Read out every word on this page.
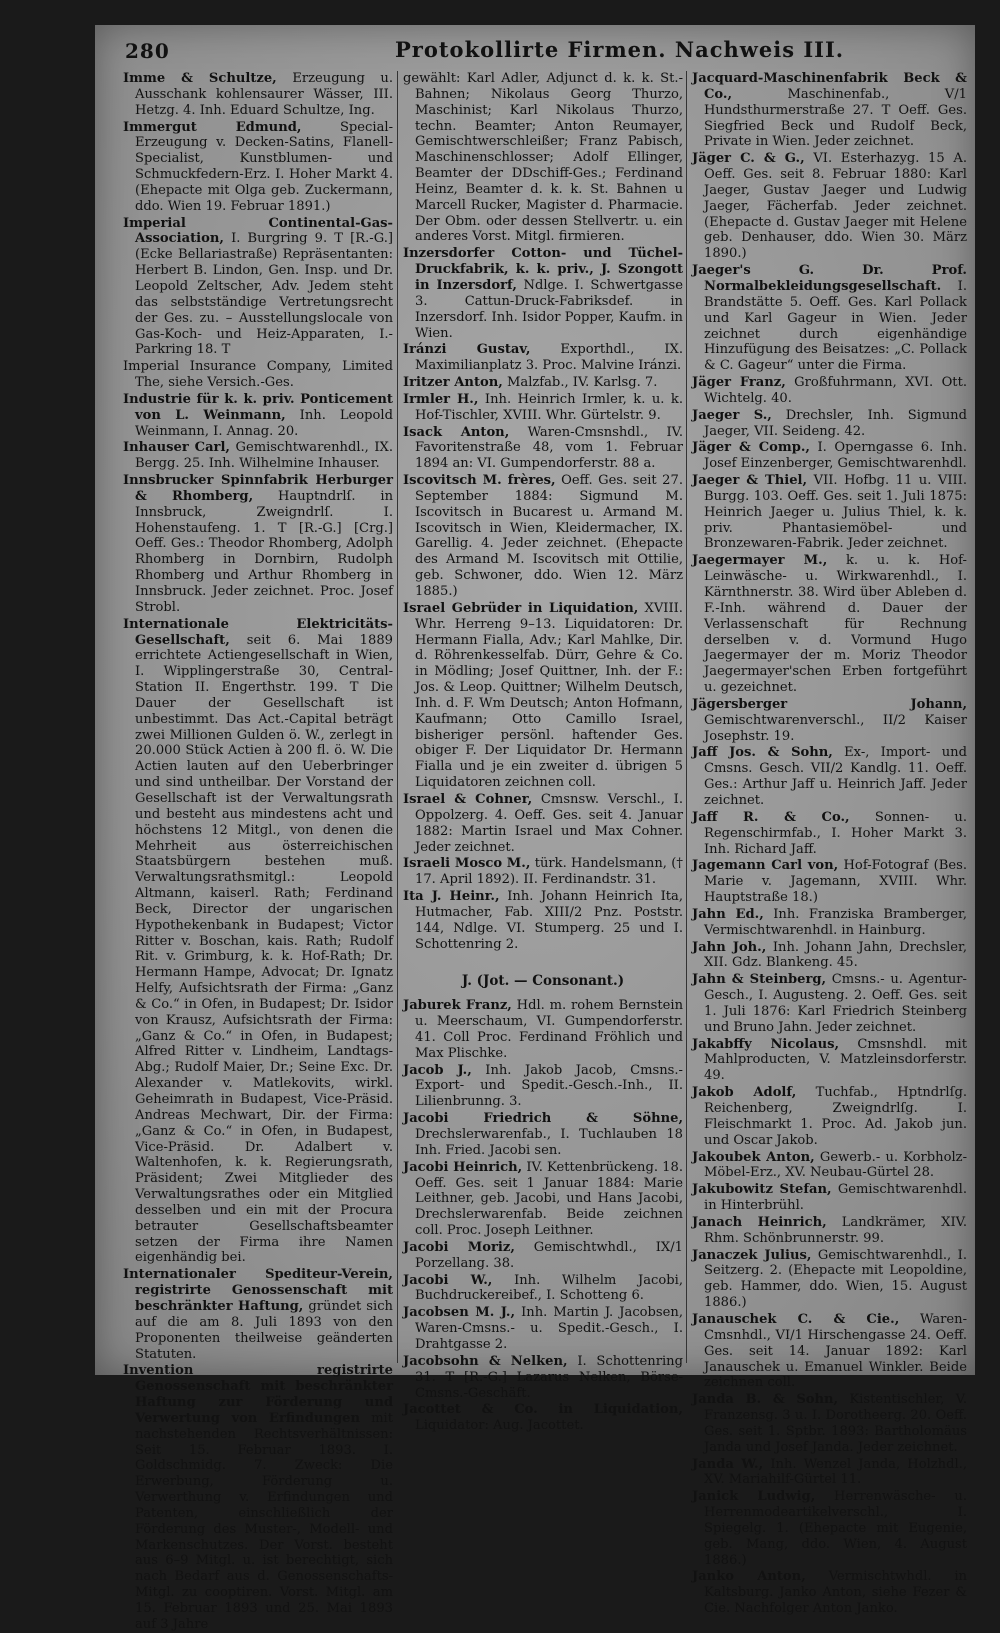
280	Protokollirte Firmen. Nachweis III.
Imme & Schultze, Erzeugung u. Ausschank kohlensaurer Wässer, III. Hetzg. 4. Inh. Eduard Schultze, Ing.
Immergut Edmund,	Special-Erzeugung v. Decken-Satins, Flanell-Specialist, Kunstblumen- und Schmuckfedern-Erz. I. Hoher Markt 4. (Ehepacte mit Olga geb. Zuckermann, ddo. Wien 19. Februar 1891.)
Imperial Continental-Gas-Association, I. Burgring 9. T [R.-G.] (Ecke Bellariastraße) Repräsentanten: Herbert B. Lindon, Gen. Insp. und Dr. Leopold Zeltscher, Adv. Jedem steht das selbstständige Vertretungsrecht der Ges. zu. – Ausstellungslocale von Gas-Koch- und Heiz-Apparaten, I.- Parkring 18. T
Imperial Insurance Company, Limited The, siehe Versich.-Ges.
Industrie für k. k. priv. Ponticement von L. Weinmann, Inh. Leopold Weinmann, I. Annag. 20.
Inhauser Carl, Gemischtwarenhdl., IX. Bergg. 25. Inh. Wilhelmine Inhauser.
Innsbrucker Spinnfabrik Herburger & Rhomberg, Hauptndrlſ. in Innsbruck, Zweigndrlſ. I. Hohenstaufeng. 1. T [R.-G.] [Crg.] Oeff. Ges.: Theodor Rhomberg, Adolph Rhomberg in Dornbirn, Rudolph Rhomberg und Arthur Rhomberg in Innsbruck. Jeder zeichnet. Proc. Josef Strobl.
Internationale Elektricitäts-Gesellschaft, seit 6. Mai 1889 errichtete Actiengesellschaft in Wien, I. Wipplingerstraße 30, Central-Station II. Engerthstr. 199. T Die Dauer der Gesellschaft ist unbestimmt. Das Act.-Capital beträgt zwei Millionen Gulden ö. W., zerlegt in 20.000 Stück Actien à 200 fl. ö. W. Die Actien lauten auf den Ueberbringer und sind untheilbar. Der Vorstand der Gesellschaft ist der Verwaltungsrath und besteht aus mindestens acht und höchstens 12 Mitgl., von denen die Mehrheit aus österreichischen Staatsbürgern bestehen muß. Verwaltungsrathsmitgl.: Leopold Altmann, kaiserl. Rath; Ferdinand Beck, Director der ungarischen Hypothekenbank in Budapest; Victor Ritter v. Boschan, kais. Rath; Rudolf Rit. v. Grimburg, k. k. Hof-Rath; Dr. Hermann Hampe, Advocat; Dr. Ignatz Helfy, Aufsichtsrath der Firma: „Ganz & Co.“ in Ofen, in Budapest; Dr. Isidor von Krausz, Aufsichtsrath der Firma: „Ganz & Co.“ in Ofen, in Budapest; Alfred Ritter v. Lindheim, Landtags-Abg.; Rudolf Maier, Dr.; Seine Exc. Dr. Alexander v. Matlekovits, wirkl. Geheimrath in Budapest, Vice-Präsid. Andreas Mechwart, Dir. der Firma: „Ganz & Co.“ in Ofen, in Budapest, Vice-Präsid. Dr. Adalbert v. Waltenhofen, k. k. Regierungsrath, Präsident; Zwei Mitglieder des Verwaltungsrathes oder ein Mitglied desselben und ein mit der Procura betrauter Gesellschaftsbeamter setzen der Firma ihre Namen eigenhändig bei.
Internationaler Spediteur-Verein, registrirte Genossenschaft mit beschränkter Haftung, gründet sich auf die am 8. Juli 1893 von den Proponenten theilweise geänderten Statuten.
Invention registrirte Genossenschaft mit beschränkter Haftung zur Förderung und Verwertung von Erfindungen mit nachstehenden Rechtsverhältnissen: Seit 15. Februar 1893. I. Goldschmidg. 7. Zweck: Die Erwerbung, Förderung u. Verwerthung v. Erfindungen und Patenten, einschließlich der Förderung des Muster-, Modell- und Markenschutzes. Der Vorst. besteht aus 6–9 Mitgl. u. ist berechtigt, sich nach Bedarf aus d. Genossenschafts-Mitgl. zu cooptiren. Vorst. Mitgl. am 15. Februar 1893 und 25. Mai 1893 auf 3 Jahre
gewählt: Karl Adler, Adjunct d. k. k. St.-Bahnen; Nikolaus Georg Thurzo, Maschinist; Karl Nikolaus Thurzo, techn. Beamter; Anton Reumayer, Gemischtwerschleißer; Franz Pabisch, Maschinenschlosser; Adolf Ellinger, Beamter der DDschiff-Ges.; Ferdinand Heinz, Beamter d. k. k. St. Bahnen u Marcell Rucker, Magister d. Pharmacie. Der Obm. oder dessen Stellvertr. u. ein anderes Vorst. Mitgl. firmieren.
Inzersdorfer Cotton- und Tüchel-Druckfabrik, k. k. priv., J. Szongott in Inzersdorf, Ndlge. I. Schwertgasse 3. Cattun-Druck-Fabriksdef. in Inzersdorf. Inh. Isidor Popper, Kaufm. in Wien.
Iránzi Gustav, Exporthdl., IX. Maximilianplatz 3. Proc. Malvine Iránzi.
Iritzer Anton, Malzfab., IV. Karlsg. 7.
Irmler H., Inh. Heinrich Irmler, k. u. k. Hof-Tischler, XVIII. Whr. Gürtelstr. 9.
Isack Anton, Waren-Cmsnshdl., IV. Favoritenstraße 48, vom 1. Februar 1894 an: VI. Gumpendorferstr. 88 a.
Iscovitsch M. frères, Oeff. Ges. seit 27. September 1884: Sigmund M. Iscovitsch in Bucarest u. Armand M. Iscovitsch in Wien, Kleidermacher, IX. Garellig. 4. Jeder zeichnet. (Ehepacte des Armand M. Iscovitsch mit Ottilie, geb. Schwoner, ddo. Wien 12. März 1885.)
Israel Gebrüder in Liquidation, XVIII. Whr. Herreng 9–13. Liquidatoren: Dr. Hermann Fialla, Adv.; Karl Mahlke, Dir. d. Röhrenkesselfab. Dürr, Gehre & Co. in Mödling; Josef Quittner, Inh. der F.: Jos. & Leop. Quittner; Wilhelm Deutsch, Inh. d. F. Wm Deutsch; Anton Hofmann, Kaufmann; Otto Camillo Israel, bisheriger persönl. haftender Ges. obiger F. Der Liquidator Dr. Hermann Fialla und je ein zweiter d. übrigen 5 Liquidatoren zeichnen coll.
Israel & Cohner, Cmsnsw. Verschl., I. Oppolzerg. 4. Oeff. Ges. seit 4. Januar 1882: Martin Israel und Max Cohner. Jeder zeichnet.
Israeli Mosco M., türk. Handelsmann, († 17. April 1892). II. Ferdinandstr. 31.
Ita J. Heinr., Inh. Johann Heinrich Ita, Hutmacher, Fab. XIII/2 Pnz. Poststr. 144, Ndlge. VI. Stumperg. 25 und I. Schottenring 2.
J. (Jot. — Consonant.)
Jaburek Franz, Hdl. m. rohem Bernstein u. Meerschaum, VI. Gumpendorferstr. 41. Coll Proc. Ferdinand Fröhlich und Max Plischke.
Jacob J., Inh. Jakob Jacob, Cmsns.-Export- und Spedit.-Gesch.-Inh., II. Lilienbrunng. 3.
Jacobi Friedrich & Söhne, Drechslerwarenfab., I. Tuchlauben 18 Inh. Fried. Jacobi sen.
Jacobi Heinrich, IV. Kettenbrückeng. 18. Oeff. Ges. seit 1 Januar 1884: Marie Leithner, geb. Jacobi, und Hans Jacobi, Drechslerwarenfab. Beide zeichnen coll. Proc. Joseph Leithner.
Jacobi Moriz, Gemischtwhdl., IX/1 Porzellang. 38.
Jacobi W., Inh. Wilhelm Jacobi, Buchdruckereibef., I. Schotteng 6.
Jacobsen M. J., Inh. Martin J. Jacobsen, Waren-Cmsns.- u. Spedit.-Gesch., I. Drahtgasse 2.
Jacobsohn & Nelken, I. Schottenring 31. T [R.-G.] Lazarus Nelken, Börse-Cmsns.-Geschäft.
Jacottet & Co. in Liquidation, Liquidator: Aug. Jacottet.
Jacquard-Maschinenfabrik Beck & Co.,	Maschinenfab., V/1 Hundsthurmerstraße 27. T Oeff. Ges. Siegfried Beck und Rudolf Beck, Private in Wien. Jeder zeichnet.
Jäger C. & G., VI. Esterhazyg. 15 A. Oeff. Ges. seit 8. Februar 1880: Karl Jaeger, Gustav Jaeger und Ludwig Jaeger, Fächerfab. Jeder zeichnet. (Ehepacte d. Gustav Jaeger mit Helene geb. Denhauser, ddo. Wien 30. März 1890.)
Jaeger's G. Dr. Prof. Normalbekleidungsgesellschaft. I. Brandstätte 5. Oeff. Ges. Karl Pollack und Karl Gageur in Wien. Jeder zeichnet durch eigenhändige Hinzufügung des Beisatzes: „C. Pollack & C. Gageur“ unter die Firma.
Jäger Franz, Großfuhrmann, XVI. Ott. Wichtelg. 40.
Jaeger S., Drechsler, Inh. Sigmund Jaeger, VII. Seideng. 42.
Jäger & Comp., I. Operngasse 6. Inh. Josef Einzenberger, Gemischtwarenhdl.
Jaeger & Thiel, VII. Hofbg. 11 u. VIII. Burgg. 103. Oeff. Ges. seit 1. Juli 1875: Heinrich Jaeger u. Julius Thiel, k. k. priv. Phantasiemöbel- und Bronzewaren-Fabrik. Jeder zeichnet.
Jaegermayer M., k. u. k. Hof-Leinwäsche- u. Wirkwarenhdl., I. Kärnthnerstr. 38. Wird über Ableben d. F.-Inh. während d. Dauer der Verlassenschaft für Rechnung derselben v. d. Vormund Hugo Jaegermayer der m. Moriz Theodor Jaegermayer'schen Erben fortgeführt u. gezeichnet.
Jägersberger Johann, Gemischtwarenverschl., II/2 Kaiser Josephstr. 19.
Jaff Jos. & Sohn, Ex-, Import- und Cmsns. Gesch. VII/2 Kandlg. 11. Oeff. Ges.: Arthur Jaff u. Heinrich Jaff. Jeder zeichnet.
Jaff R. & Co., Sonnen- u. Regenschirmfab., I. Hoher Markt 3. Inh. Richard Jaff.
Jagemann Carl von, Hof-Fotograf (Bes. Marie v. Jagemann, XVIII. Whr. Hauptstraße 18.)
Jahn Ed., Inh. Franziska Bramberger, Vermischtwarenhdl. in Hainburg.
Jahn Joh., Inh. Johann Jahn, Drechsler, XII. Gdz. Blankeng. 45.
Jahn & Steinberg, Cmsns.- u. Agentur-Gesch., I. Augusteng. 2. Oeff. Ges. seit 1. Juli 1876: Karl Friedrich Steinberg und Bruno Jahn. Jeder zeichnet.
Jakabffy Nicolaus, Cmsnshdl. mit Mahlproducten, V. Matzleinsdorferstr. 49.
Jakob Adolf, Tuchfab., Hptndrlſg. Reichenberg, Zweigndrlſg. I. Fleischmarkt 1. Proc. Ad. Jakob jun. und Oscar Jakob.
Jakoubek Anton, Gewerb.- u. Korbholz-Möbel-Erz., XV. Neubau-Gürtel 28.
Jakubowitz Stefan, Gemischtwarenhdl. in Hinterbrühl.
Janach Heinrich, Landkrämer, XIV. Rhm. Schönbrunnerstr. 99.
Janaczek Julius, Gemischtwarenhdl., I. Seitzerg. 2. (Ehepacte mit Leopoldine, geb. Hammer, ddo. Wien, 15. August 1886.)
Janauschek C. & Cie., Waren-Cmsnhdl., VI/1 Hirschengasse 24. Oeff. Ges. seit 14. Januar 1892: Karl Janauschek u. Emanuel Winkler. Beide zeichnen coll.
Janda B. & Sohn, Kistentischler, V. Franzensg. 3 u. I. Dorotheerg. 20. Oeff. Ges. seit 1. Sptbr. 1893: Bartholomäus Janda und Josef Janda. Jeder zeichnet.
Janda W., Inh. Wenzel Janda, Holzhdl., XV. Mariahilf-Gürtel 11.
Janick Ludwig, Herrenwäsche- u. Herrenmodeartikelverschl., I. Spiegelg. 1. (Ehepacte mit Eugenie, geb. Mang, ddo. Wien, 4. August 1886.)
Janko Anton, Vermischtwhdl. in Kaltsburg. Janko Anton, siehe Fezer & Cie. Nachfolger Anton Janko.
